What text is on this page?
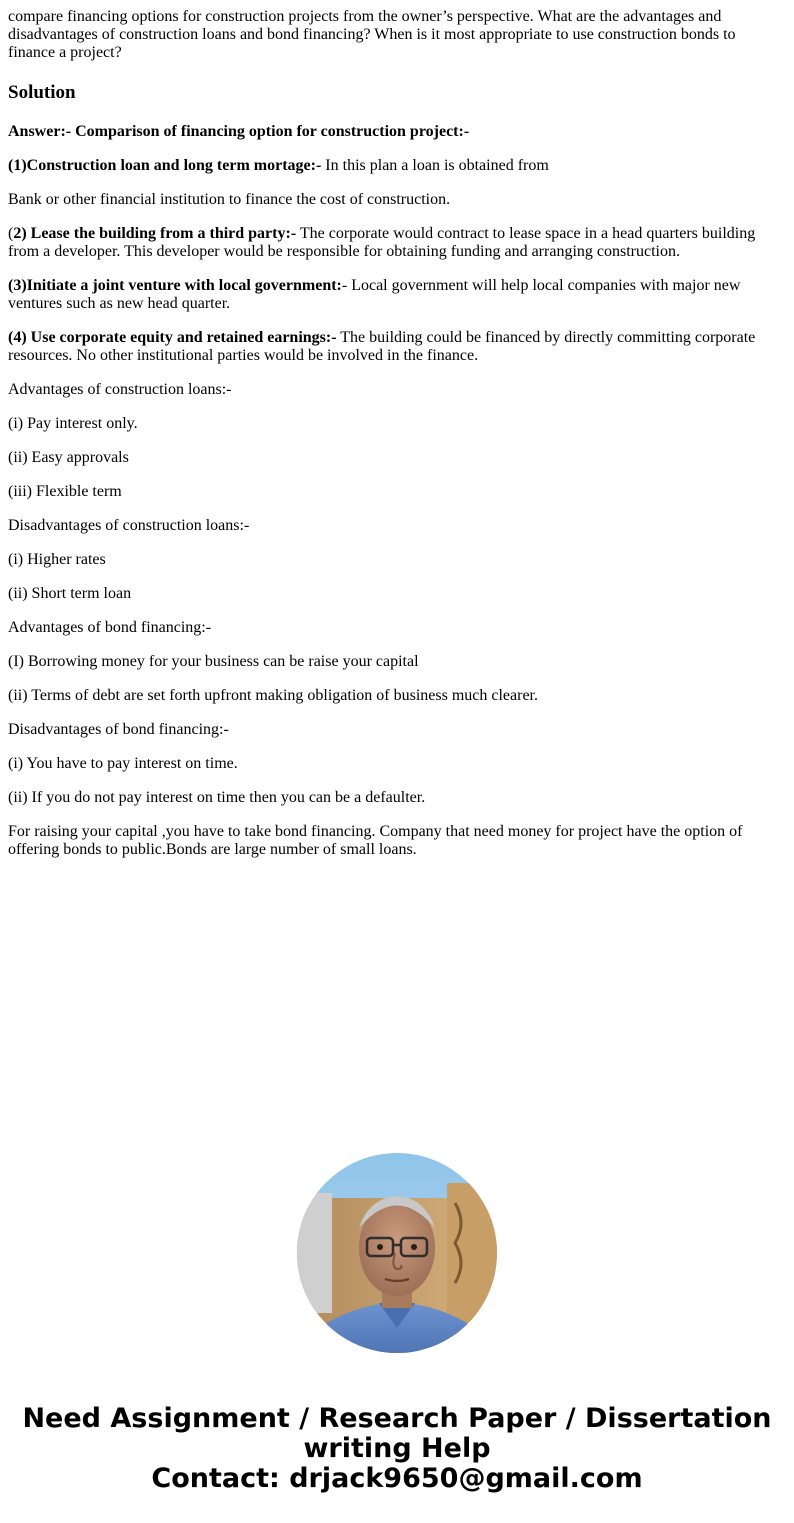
compare financing options for construction projects from the owner’s perspective. What are the advantages and disadvantages of construction loans and bond financing? When is it most appropriate to use construction bonds to finance a project?

Solution

Answer:- Comparison of financing option for construction project:-

(1)Construction loan and long term mortage:- In this plan a loan is obtained from

Bank or other financial institution to finance the cost of construction.

(2) Lease the building from a third party:- The corporate would contract to lease space in a head quarters building from a developer. This developer would be responsible for obtaining funding and arranging construction.

(3)Initiate a joint venture with local government:- Local government will help local companies with major new ventures such as new head quarter.

(4) Use corporate equity and retained earnings:- The building could be financed by directly committing corporate resources. No other institutional parties would be involved in the finance.

Advantages of construction loans:-

(i) Pay interest only.

(ii) Easy approvals

(iii) Flexible term

Disadvantages of construction loans:-

(i) Higher rates

(ii) Short term loan

Advantages of bond financing:-

(I) Borrowing money for your business can be raise your capital

(ii) Terms of debt are set forth upfront making obligation of business much clearer.

Disadvantages of bond financing:-

(i) You have to pay interest on time.

(ii) If you do not pay interest on time then you can be a defaulter.

For raising your capital ,you have to take bond financing. Company that need money for project have the option of offering bonds to public.Bonds are large number of small loans.

Need Assignment / Research Paper / Dissertation
writing Help
Contact: drjack9650@gmail.com
